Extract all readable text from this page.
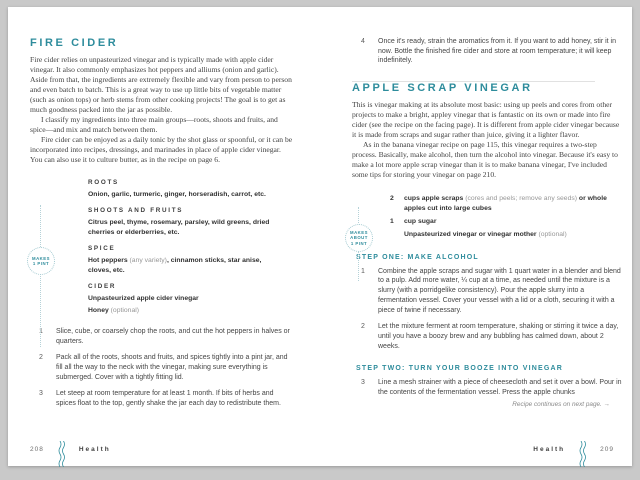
FIRE CIDER

Fire cider relies on unpasteurized vinegar and is typically made with apple cider vinegar. It also commonly emphasizes hot peppers and alliums (onion and garlic). Aside from that, the ingredients are extremely flexible and vary from person to person and even batch to batch. This is a great way to use up little bits of vegetable matter (such as onion tops) or herb stems from other cooking projects! The goal is to get as much goodness packed into the jar as possible.

I classify my ingredients into three main groups—roots, shoots and fruits, and spice—and mix and match between them.

Fire cider can be enjoyed as a daily tonic by the shot glass or spoonful, or it can be incorporated into recipes, dressings, and marinades in place of apple cider vinegar. You can also use it to culture butter, as in the recipe on page 6.

MAKES
1 PINT
ROOTS
Onion, garlic, turmeric, ginger, horseradish, carrot, etc.
SHOOTS AND FRUITS
Citrus peel, thyme, rosemary, parsley, wild greens, dried cherries or elderberries, etc.
SPICE
Hot peppers (any variety), cinnamon sticks, star anise, cloves, etc.
CIDER
Unpasteurized apple cider vinegar
Honey (optional)
1	Slice, cube, or coarsely chop the roots, and cut the hot peppers in halves or quarters.
2	Pack all of the roots, shoots and fruits, and spices tightly into a pint jar, and fill all the way to the neck with the vinegar, making sure everything is submerged. Cover with a tightly fitting lid.
3	Let steep at room temperature for at least 1 month. If bits of herbs and spices float to the top, gently shake the jar each day to redistribute them.
208	Health
4	Once it's ready, strain the aromatics from it. If you want to add honey, stir it in now. Bottle the finished fire cider and store at room temperature; it will keep indefinitely.
APPLE SCRAP VINEGAR

This is vinegar making at its absolute most basic: using up peels and cores from other projects to make a bright, appley vinegar that is fantastic on its own or made into fire cider (see the recipe on the facing page). It is different from apple cider vinegar because it is made from scraps and sugar rather than juice, giving it a lighter flavor.

As in the banana vinegar recipe on page 115, this vinegar requires a two-step process. Basically, make alcohol, then turn the alcohol into vinegar. Because it's easy to make a lot more apple scrap vinegar than it is to make banana vinegar, I've included some tips for storing your vinegar on page 210.

MAKES
ABOUT
1 PINT
2	cups apple scraps (cores and peels; remove any seeds) or whole apples cut into large cubes
1	cup sugar
Unpasteurized vinegar or vinegar mother (optional)
STEP ONE: MAKE ALCOHOL
1	Combine the apple scraps and sugar with 1 quart water in a blender and blend to a pulp. Add more water, ¼ cup at a time, as needed until the mixture is a slurry (with a porridgelike consistency). Pour the apple slurry into a fermentation vessel. Cover your vessel with a lid or a cloth, securing it with a piece of twine if necessary.
2	Let the mixture ferment at room temperature, shaking or stirring it twice a day, until you have a boozy brew and any bubbling has calmed down, about 2 weeks.
STEP TWO: TURN YOUR BOOZE INTO VINEGAR
3	Line a mesh strainer with a piece of cheesecloth and set it over a bowl. Pour in the contents of the fermentation vessel. Press the apple chunks
Recipe continues on next page. →
Health	209
